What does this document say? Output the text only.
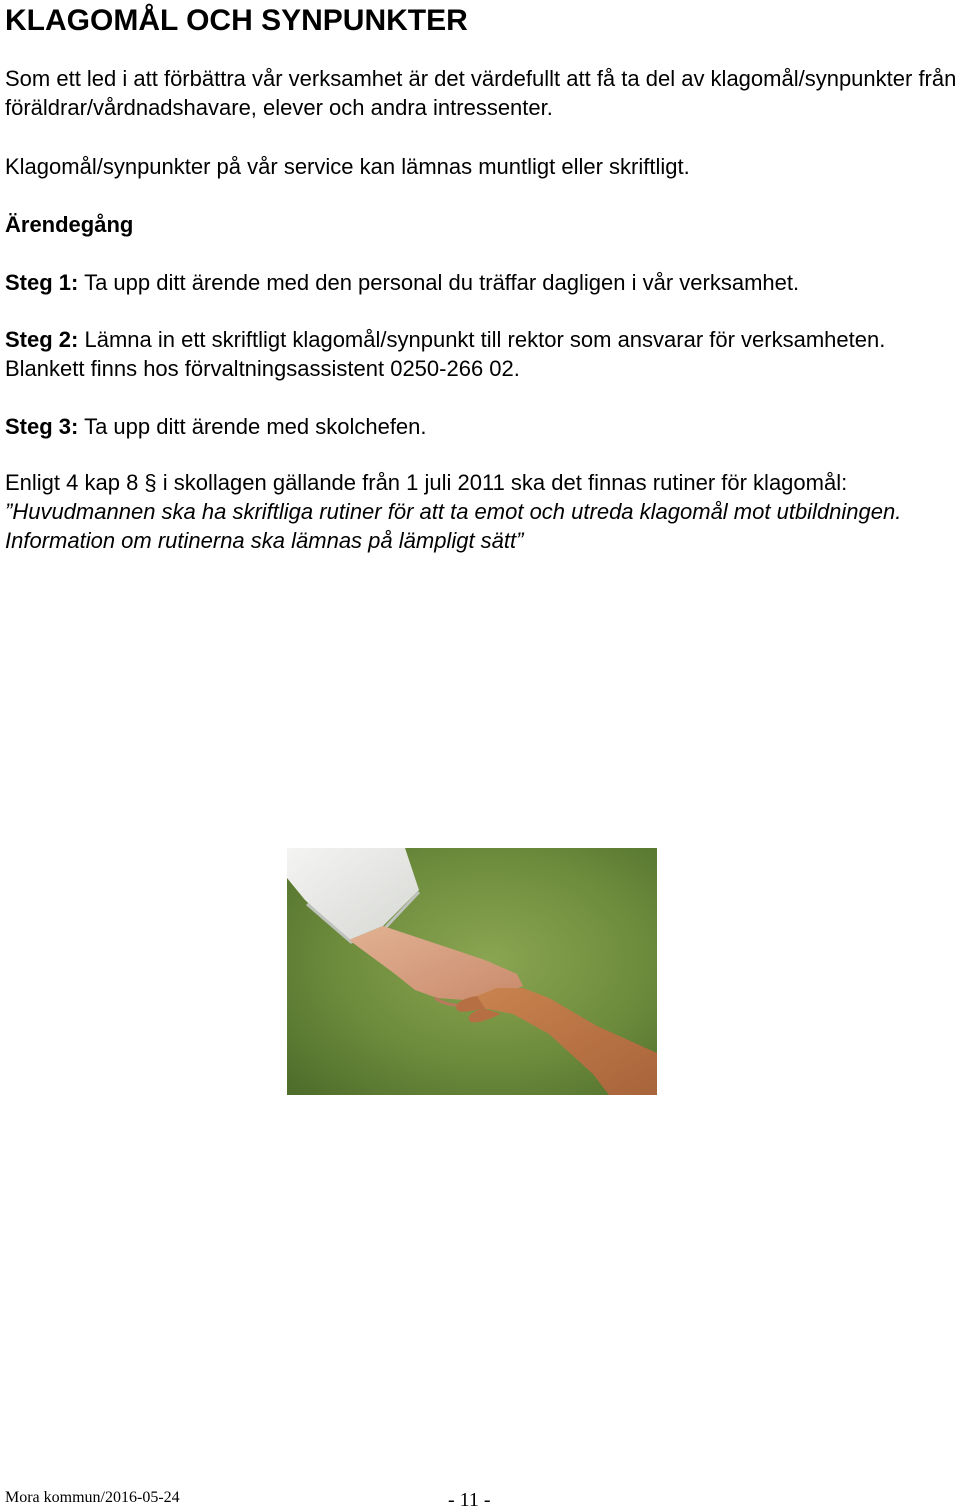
KLAGOMÅL OCH SYNPUNKTER

Som ett led i att förbättra vår verksamhet är det värdefullt att få ta del av klagomål/synpunkter från föräldrar/vårdnadshavare, elever och andra intressenter.

Klagomål/synpunkter på vår service kan lämnas muntligt eller skriftligt.

Ärendegång

Steg 1: Ta upp ditt ärende med den personal du träffar dagligen i vår verksamhet.

Steg 2: Lämna in ett skriftligt klagomål/synpunkt till rektor som ansvarar för verksamheten. Blankett finns hos förvaltningsassistent 0250-266 02.

Steg 3: Ta upp ditt ärende med skolchefen.

Enligt 4 kap 8 § i skollagen gällande från 1 juli 2011 ska det finnas rutiner för klagomål:
”Huvudmannen ska ha skriftliga rutiner för att ta emot och utreda klagomål mot utbildningen. Information om rutinerna ska lämnas på lämpligt sätt”

Mora kommun/2016-05-24	- 11 -
